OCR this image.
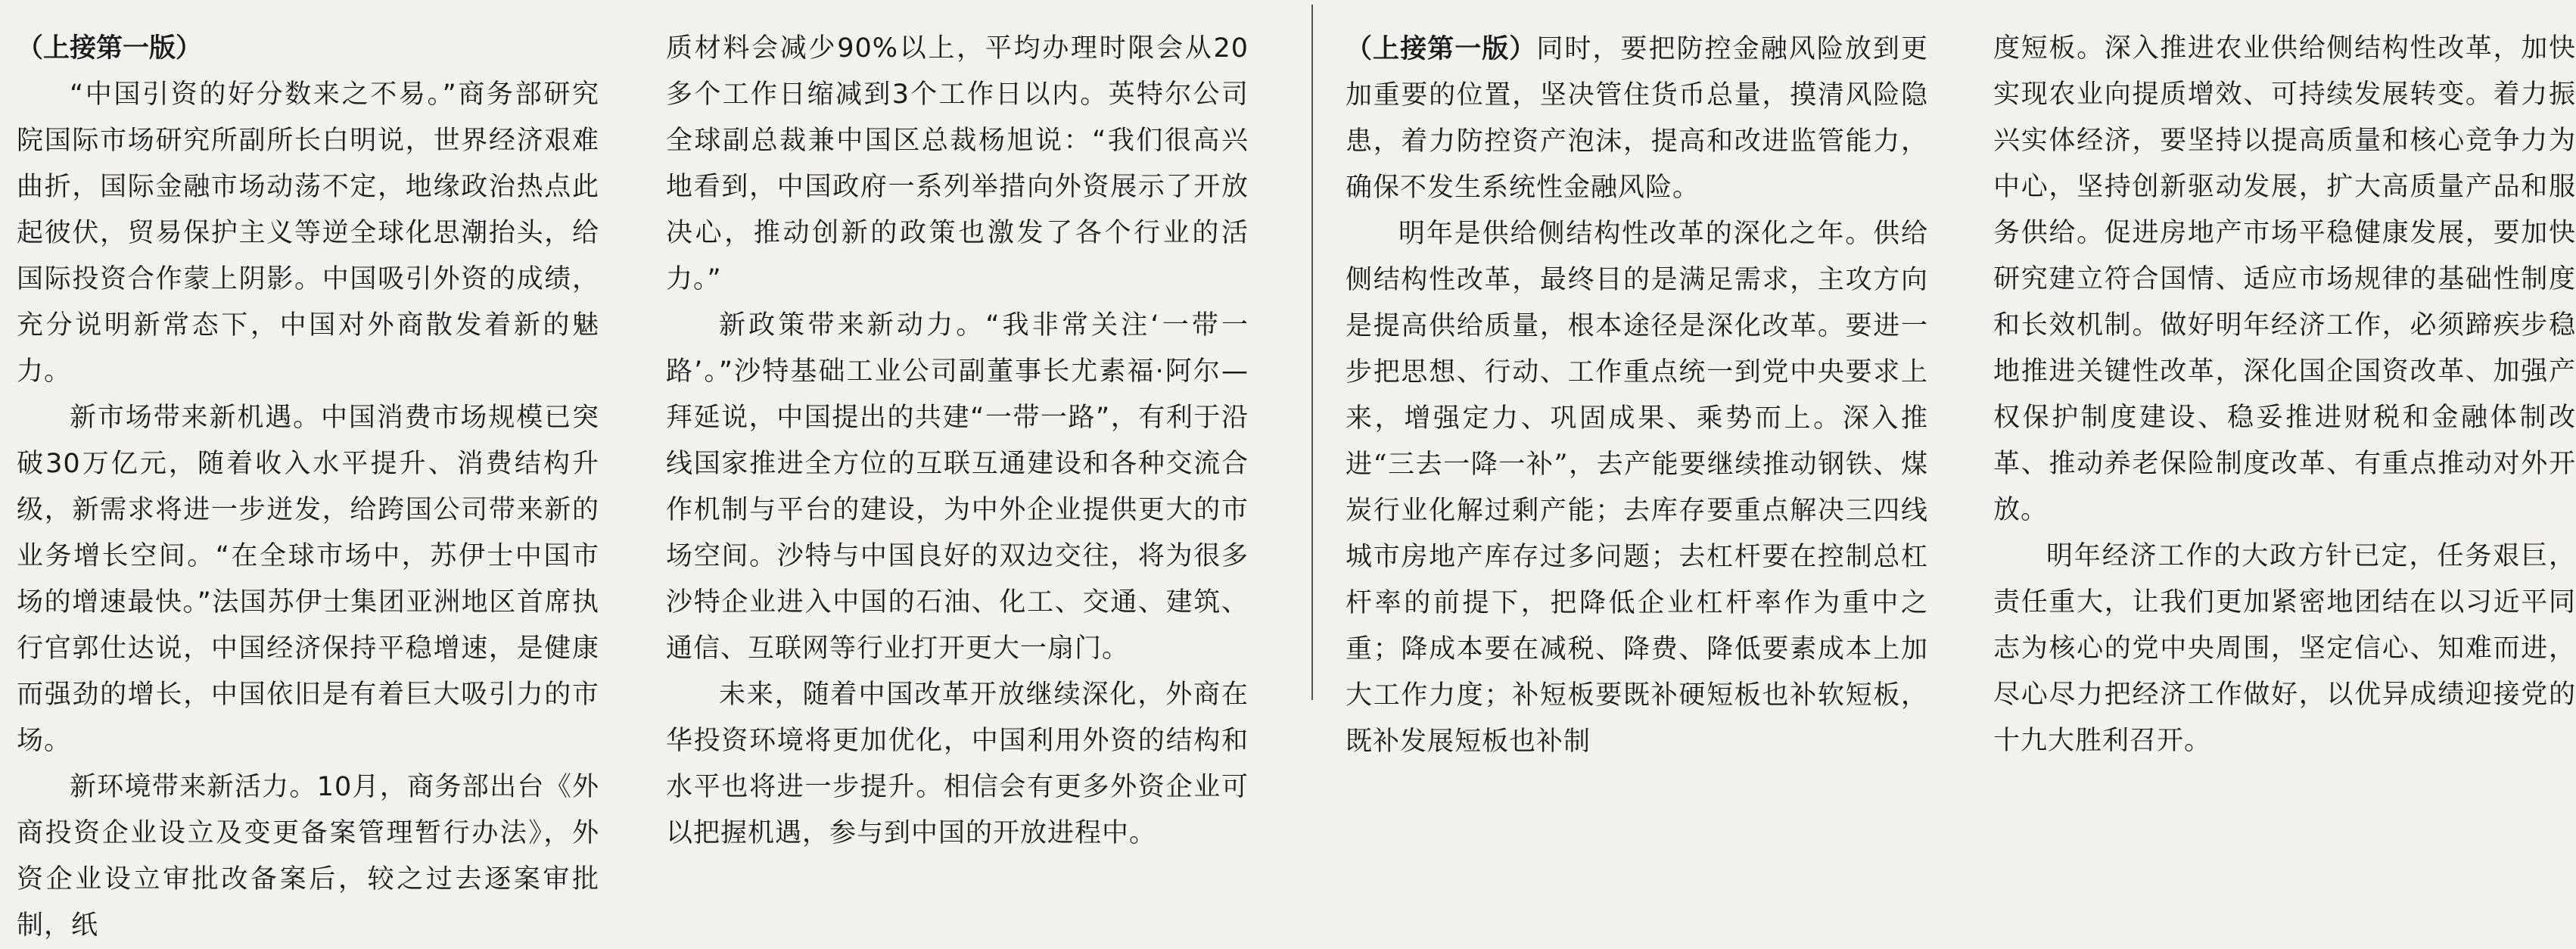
（上接第一版）

“中国引资的好分数来之不易。”商务部研究院国际市场研究所副所长白明说，世界经济艰难曲折，国际金融市场动荡不定，地缘政治热点此起彼伏，贸易保护主义等逆全球化思潮抬头，给国际投资合作蒙上阴影。中国吸引外资的成绩，充分说明新常态下，中国对外商散发着新的魅力。

新市场带来新机遇。中国消费市场规模已突破30万亿元，随着收入水平提升、消费结构升级，新需求将进一步迸发，给跨国公司带来新的业务增长空间。“在全球市场中，苏伊士中国市场的增速最快。”法国苏伊士集团亚洲地区首席执行官郭仕达说，中国经济保持平稳增速，是健康而强劲的增长，中国依旧是有着巨大吸引力的市场。

新环境带来新活力。10月，商务部出台《外商投资企业设立及变更备案管理暂行办法》，外资企业设立审批改备案后，较之过去逐案审批制，纸

质材料会减少90%以上，平均办理时限会从20多个工作日缩减到3个工作日以内。英特尔公司全球副总裁兼中国区总裁杨旭说：“我们很高兴地看到，中国政府一系列举措向外资展示了开放决心，推动创新的政策也激发了各个行业的活力。”

新政策带来新动力。“我非常关注‘一带一路’。”沙特基础工业公司副董事长尤素福·阿尔—拜延说，中国提出的共建“一带一路”，有利于沿线国家推进全方位的互联互通建设和各种交流合作机制与平台的建设，为中外企业提供更大的市场空间。沙特与中国良好的双边交往，将为很多沙特企业进入中国的石油、化工、交通、建筑、通信、互联网等行业打开更大一扇门。

未来，随着中国改革开放继续深化，外商在华投资环境将更加优化，中国利用外资的结构和水平也将进一步提升。相信会有更多外资企业可以把握机遇，参与到中国的开放进程中。

（上接第一版）同时，要把防控金融风险放到更加重要的位置，坚决管住货币总量，摸清风险隐患，着力防控资产泡沫，提高和改进监管能力，确保不发生系统性金融风险。

明年是供给侧结构性改革的深化之年。供给侧结构性改革，最终目的是满足需求，主攻方向是提高供给质量，根本途径是深化改革。要进一步把思想、行动、工作重点统一到党中央要求上来，增强定力、巩固成果、乘势而上。深入推进“三去一降一补”，去产能要继续推动钢铁、煤炭行业化解过剩产能；去库存要重点解决三四线城市房地产库存过多问题；去杠杆要在控制总杠杆率的前提下，把降低企业杠杆率作为重中之重；降成本要在减税、降费、降低要素成本上加大工作力度；补短板要既补硬短板也补软短板，既补发展短板也补制

度短板。深入推进农业供给侧结构性改革，加快实现农业向提质增效、可持续发展转变。着力振兴实体经济，要坚持以提高质量和核心竞争力为中心，坚持创新驱动发展，扩大高质量产品和服务供给。促进房地产市场平稳健康发展，要加快研究建立符合国情、适应市场规律的基础性制度和长效机制。做好明年经济工作，必须蹄疾步稳地推进关键性改革，深化国企国资改革、加强产权保护制度建设、稳妥推进财税和金融体制改革、推动养老保险制度改革、有重点推动对外开放。

明年经济工作的大政方针已定，任务艰巨，责任重大，让我们更加紧密地团结在以习近平同志为核心的党中央周围，坚定信心、知难而进，尽心尽力把经济工作做好，以优异成绩迎接党的十九大胜利召开。
